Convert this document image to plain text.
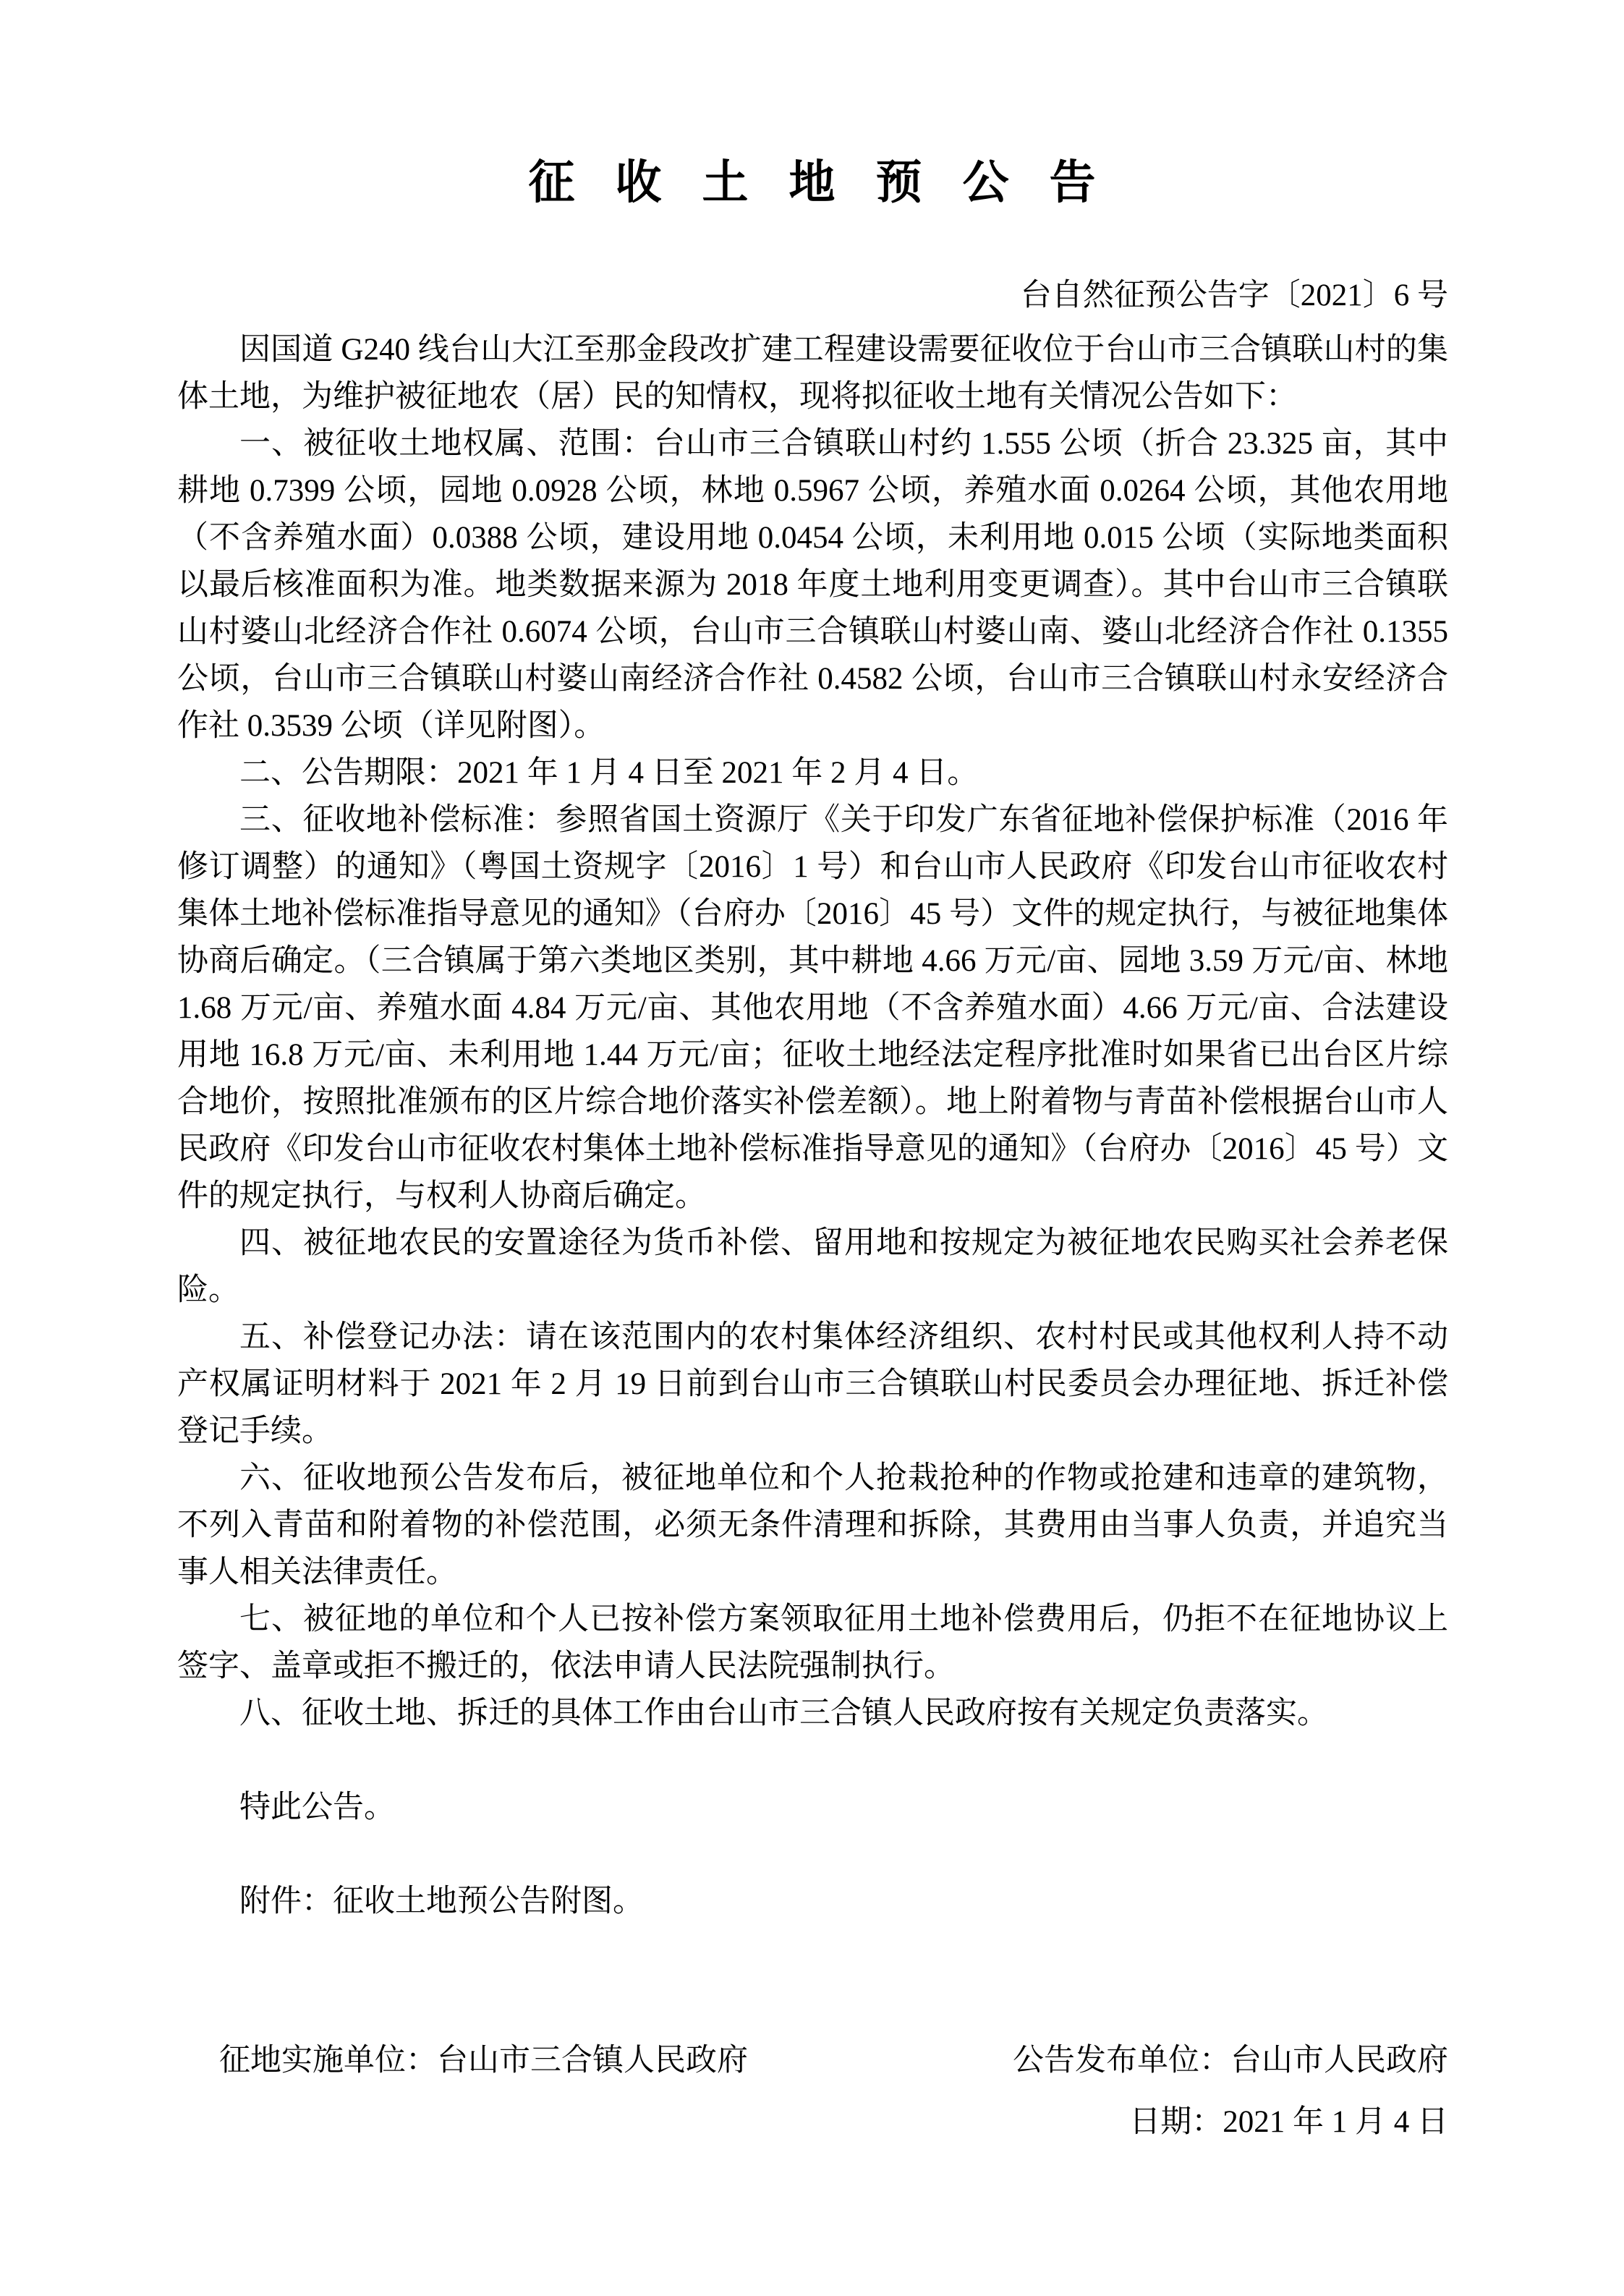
征 收 土 地 预 公 告
台自然征预公告字〔2021〕6 号

因国道 G240 线台山大江至那金段改扩建工程建设需要征收位于台山市三合镇联山村的集体土地，为维护被征地农（居）民的知情权，现将拟征收土地有关情况公告如下：

一、被征收土地权属、范围：台山市三合镇联山村约 1.555 公顷（折合 23.325 亩，其中耕地 0.7399 公顷，园地 0.0928 公顷，林地 0.5967 公顷，养殖水面 0.0264 公顷，其他农用地（不含养殖水面）0.0388 公顷，建设用地 0.0454 公顷，未利用地 0.015 公顷（实际地类面积以最后核准面积为准。地类数据来源为 2018 年度土地利用变更调查）。其中台山市三合镇联山村婆山北经济合作社 0.6074 公顷，台山市三合镇联山村婆山南、婆山北经济合作社 0.1355 公顷，台山市三合镇联山村婆山南经济合作社 0.4582 公顷，台山市三合镇联山村永安经济合作社 0.3539 公顷（详见附图）。

二、公告期限：2021 年 1 月 4 日至 2021 年 2 月 4 日。

三、征收地补偿标准：参照省国土资源厅《关于印发广东省征地补偿保护标准（2016 年修订调整）的通知》（粤国土资规字〔2016〕1 号）和台山市人民政府《印发台山市征收农村集体土地补偿标准指导意见的通知》（台府办〔2016〕45 号）文件的规定执行，与被征地集体协商后确定。（三合镇属于第六类地区类别，其中耕地 4.66 万元/亩、园地 3.59 万元/亩、林地 1.68 万元/亩、养殖水面 4.84 万元/亩、其他农用地（不含养殖水面）4.66 万元/亩、合法建设用地 16.8 万元/亩、未利用地 1.44 万元/亩；征收土地经法定程序批准时如果省已出台区片综合地价，按照批准颁布的区片综合地价落实补偿差额）。地上附着物与青苗补偿根据台山市人民政府《印发台山市征收农村集体土地补偿标准指导意见的通知》（台府办〔2016〕45 号）文件的规定执行，与权利人协商后确定。

四、被征地农民的安置途径为货币补偿、留用地和按规定为被征地农民购买社会养老保险。

五、补偿登记办法：请在该范围内的农村集体经济组织、农村村民或其他权利人持不动产权属证明材料于 2021 年 2 月 19 日前到台山市三合镇联山村民委员会办理征地、拆迁补偿登记手续。

六、征收地预公告发布后，被征地单位和个人抢栽抢种的作物或抢建和违章的建筑物，不列入青苗和附着物的补偿范围，必须无条件清理和拆除，其费用由当事人负责，并追究当事人相关法律责任。

七、被征地的单位和个人已按补偿方案领取征用土地补偿费用后，仍拒不在征地协议上签字、盖章或拒不搬迁的，依法申请人民法院强制执行。

八、征收土地、拆迁的具体工作由台山市三合镇人民政府按有关规定负责落实。

特此公告。

附件：征收土地预公告附图。

征地实施单位：台山市三合镇人民政府	公告发布单位：台山市人民政府
日期：2021 年 1 月 4 日
